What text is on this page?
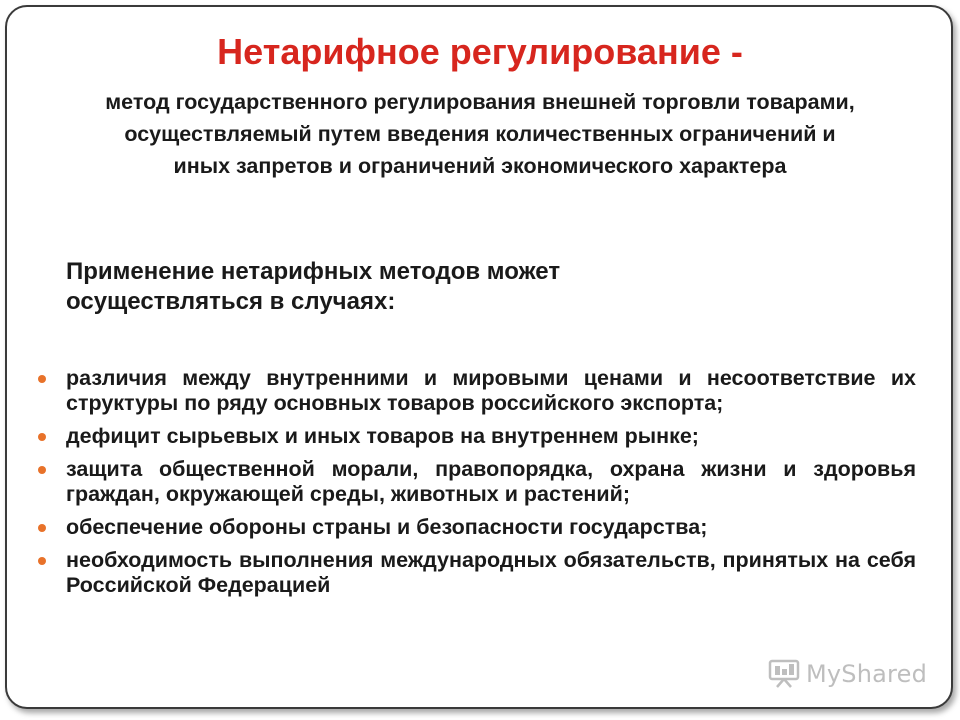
Нетарифное регулирование -

метод государственного регулирования внешней торговли товарами,
осуществляемый путем введения количественных ограничений и
иных запретов и ограничений экономического характера

Применение нетарифных методов может
осуществляться в случаях:

различия между внутренними и мировыми ценами и несоответствие их структуры по ряду основных товаров российского экспорта;
дефицит сырьевых и иных товаров на внутреннем рынке;
защита общественной морали, правопорядка, охрана жизни и здоровья граждан, окружающей среды, животных и растений;
обеспечение обороны страны и безопасности государства;
необходимость выполнения международных обязательств, принятых на себя Российской Федерацией
MyShared
